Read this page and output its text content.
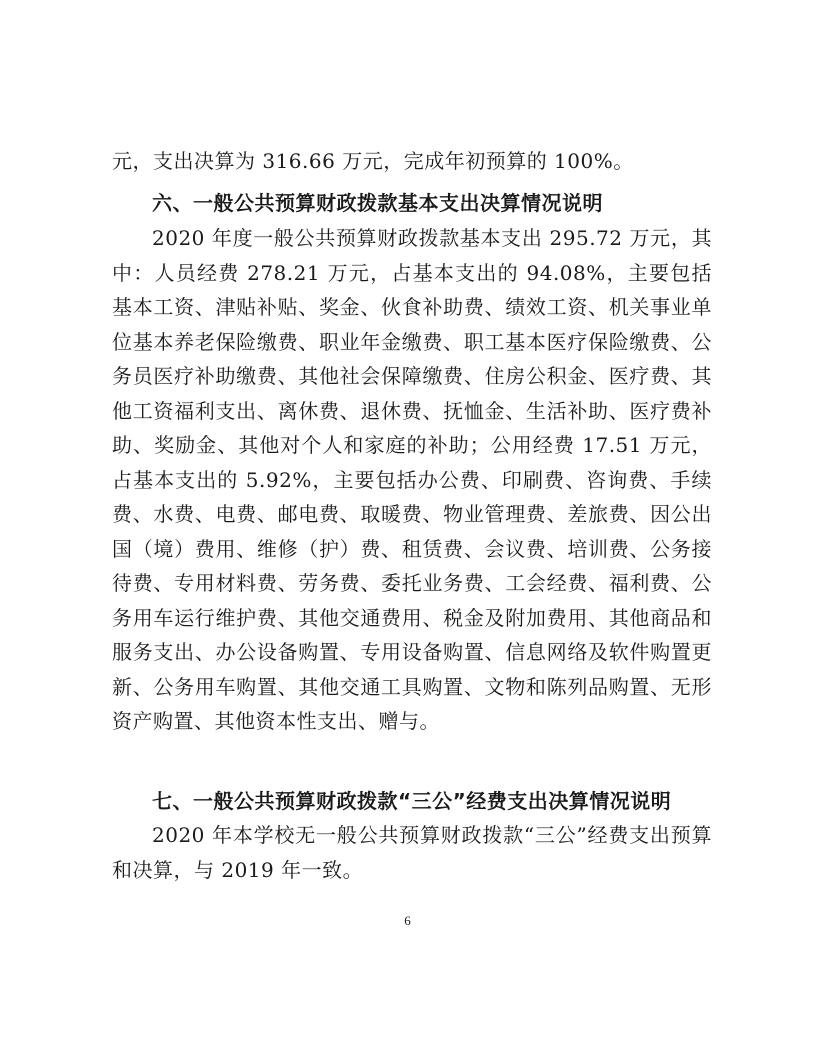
元，支出决算为 316.66 万元，完成年初预算的 100%。

六、一般公共预算财政拨款基本支出决算情况说明

2020 年度一般公共预算财政拨款基本支出 295.72 万元，其中：人员经费 278.21 万元，占基本支出的 94.08%，主要包括基本工资、津贴补贴、奖金、伙食补助费、绩效工资、机关事业单位基本养老保险缴费、职业年金缴费、职工基本医疗保险缴费、公务员医疗补助缴费、其他社会保障缴费、住房公积金、医疗费、其他工资福利支出、离休费、退休费、抚恤金、生活补助、医疗费补助、奖励金、其他对个人和家庭的补助；公用经费 17.51 万元，占基本支出的 5.92%，主要包括办公费、印刷费、咨询费、手续费、水费、电费、邮电费、取暖费、物业管理费、差旅费、因公出国（境）费用、维修（护）费、租赁费、会议费、培训费、公务接待费、专用材料费、劳务费、委托业务费、工会经费、福利费、公务用车运行维护费、其他交通费用、税金及附加费用、其他商品和服务支出、办公设备购置、专用设备购置、信息网络及软件购置更新、公务用车购置、其他交通工具购置、文物和陈列品购置、无形资产购置、其他资本性支出、赠与。

七、一般公共预算财政拨款“三公”经费支出决算情况说明

2020 年本学校无一般公共预算财政拨款“三公”经费支出预算和决算，与 2019 年一致。

6
